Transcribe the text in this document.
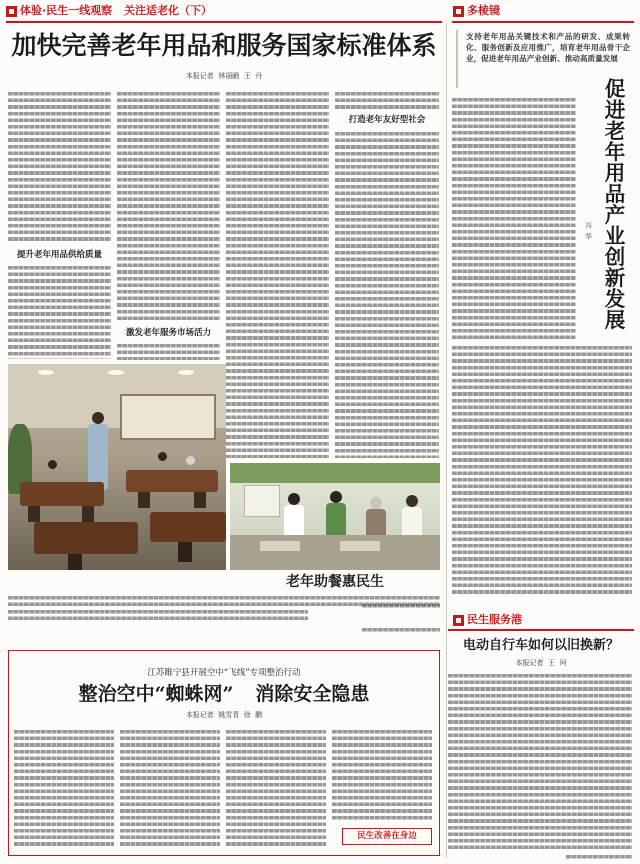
体验·民生一线观察 关注适老化（下）	多棱镜
加快完善老年用品和服务国家标准体系
本报记者  林丽鹂  王  丹
提升老年用品供给质量
激发老年服务市场活力
打造老年友好型社会
老年助餐惠民生
江苏睢宁县开展空中“飞线”专项整治行动
整治空中“蜘蛛网” 消除安全隐患
本报记者  姚雪青  徐  鹏
民生改善在身边
支持老年用品关键技术和产品的研发、成果转化、服务创新及应用推广，培育老年用品骨干企业，促进老年用品产业创新、推动高质量发展
促进老年用品产业创新发展
冯  华
民生服务港
电动自行车如何以旧换新？
本报记者  王  珂
